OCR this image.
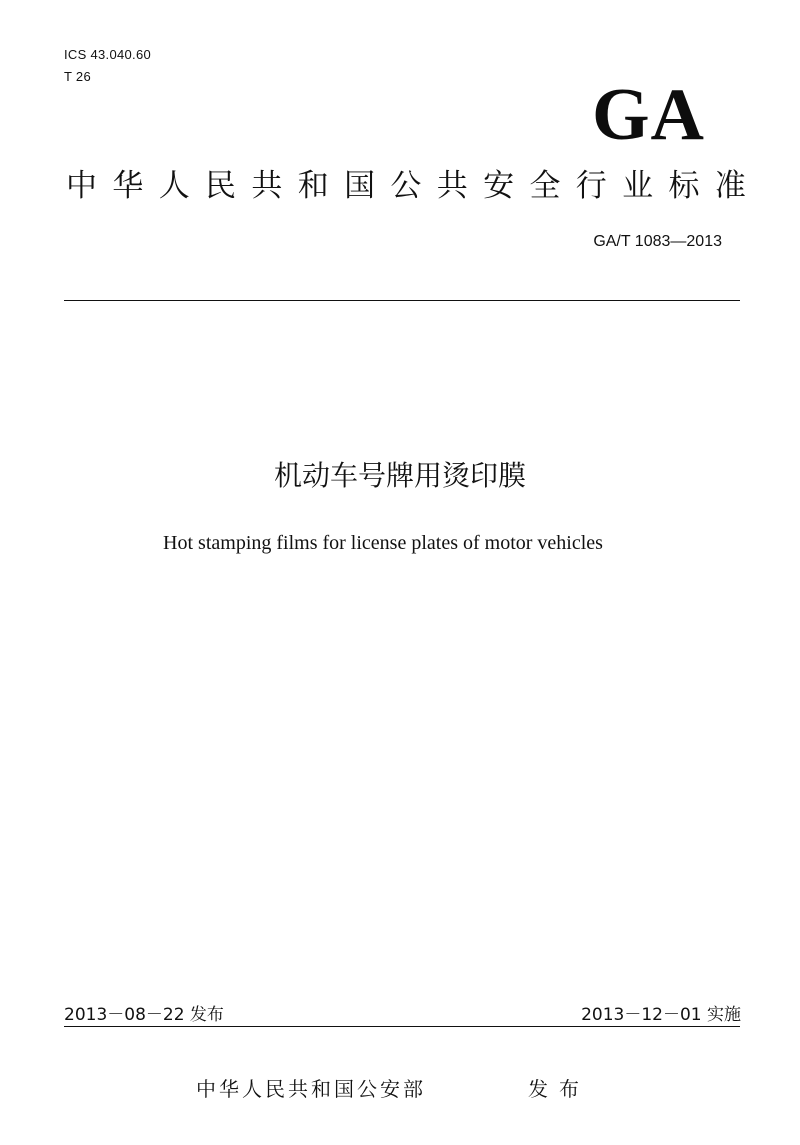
ICS 43.040.60
T 26	GA
中 华 人 民 共 和 国 公 共 安 全 行 业 标 准
GA/T 1083—2013
机动车号牌用烫印膜
Hot stamping films for license plates of motor vehicles
2013－08－22 发布	2013－12－01 实施
中华人民共和国公安部	发布
